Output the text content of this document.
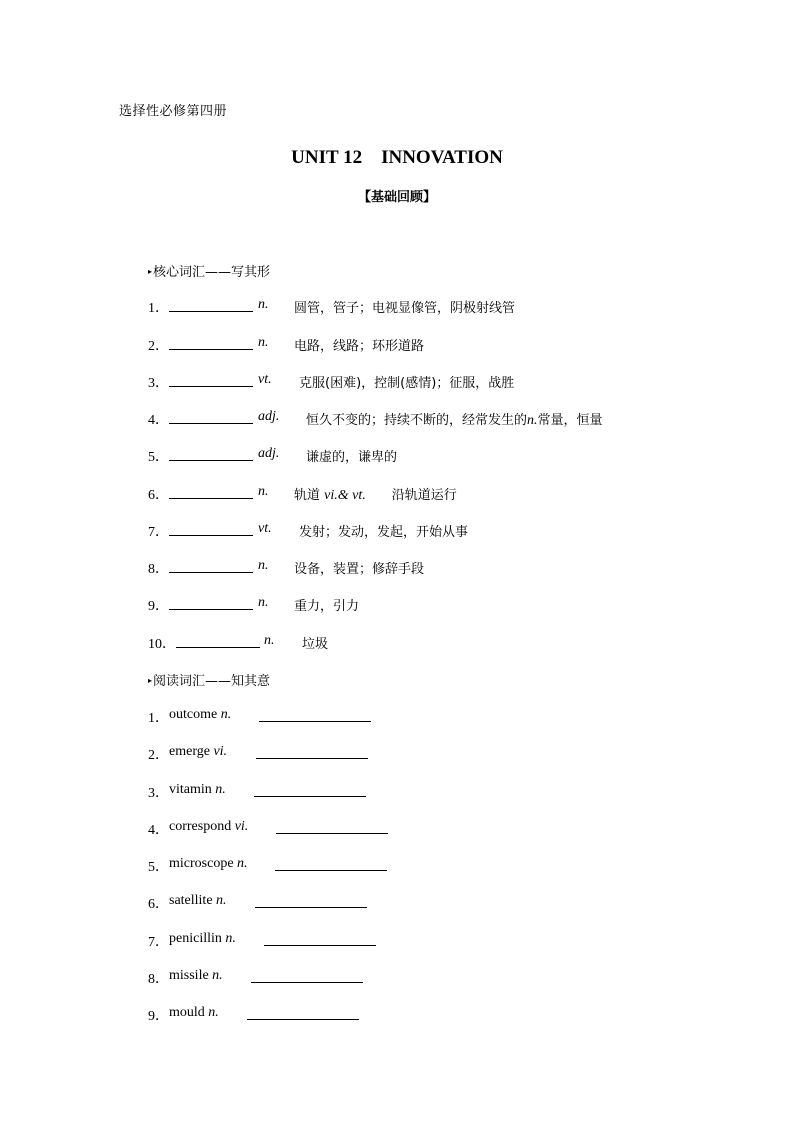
选择性必修第四册
UNIT 12    INNOVATION
【基础回顾】
▸核心词汇——写其形
1．	n. 圆管，管子；电视显像管，阴极射线管
2．	n. 电路，线路；环形道路
3．	vt. 克服(困难)，控制(感情)；征服，战胜
4．	adj. 恒久不变的；持续不断的，经常发生的n.常量，恒量
5．	adj. 谦虚的，谦卑的
6．	n. 轨道 vi.& vt. 沿轨道运行
7．	vt. 发射；发动，发起，开始从事
8．	n. 设备，装置；修辞手段
9．	n. 重力，引力
10．	n. 垃圾
▸阅读词汇——知其意
1． outcome n.
2． emerge vi.
3． vitamin n.
4． correspond vi.
5． microscope n.
6． satellite n.
7． penicillin n.
8． missile n.
9． mould n.
